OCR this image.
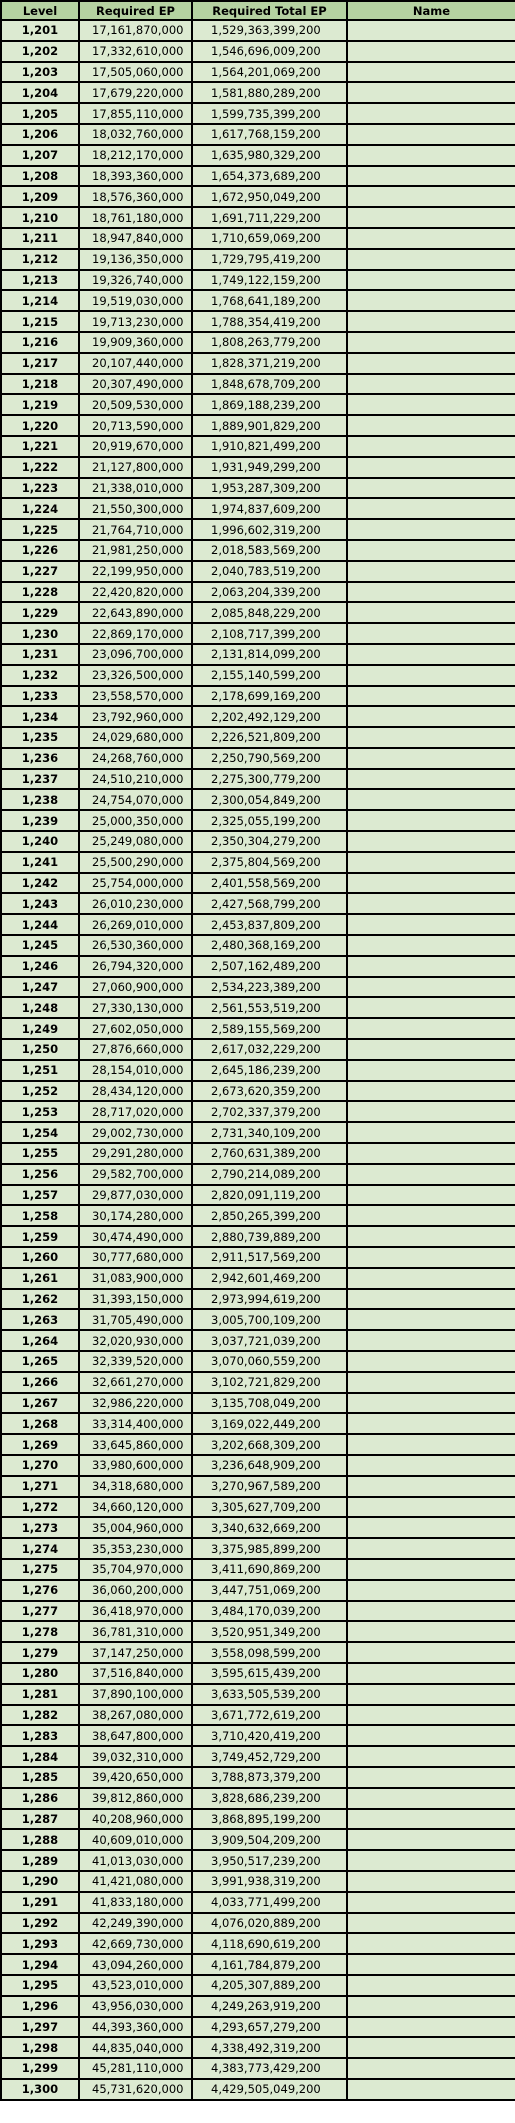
Level	Required EP	Required Total EP	Name
1,201	17,161,870,000	1,529,363,399,200	
1,202	17,332,610,000	1,546,696,009,200	
1,203	17,505,060,000	1,564,201,069,200	
1,204	17,679,220,000	1,581,880,289,200	
1,205	17,855,110,000	1,599,735,399,200	
1,206	18,032,760,000	1,617,768,159,200	
1,207	18,212,170,000	1,635,980,329,200	
1,208	18,393,360,000	1,654,373,689,200	
1,209	18,576,360,000	1,672,950,049,200	
1,210	18,761,180,000	1,691,711,229,200	
1,211	18,947,840,000	1,710,659,069,200	
1,212	19,136,350,000	1,729,795,419,200	
1,213	19,326,740,000	1,749,122,159,200	
1,214	19,519,030,000	1,768,641,189,200	
1,215	19,713,230,000	1,788,354,419,200	
1,216	19,909,360,000	1,808,263,779,200	
1,217	20,107,440,000	1,828,371,219,200	
1,218	20,307,490,000	1,848,678,709,200	
1,219	20,509,530,000	1,869,188,239,200	
1,220	20,713,590,000	1,889,901,829,200	
1,221	20,919,670,000	1,910,821,499,200	
1,222	21,127,800,000	1,931,949,299,200	
1,223	21,338,010,000	1,953,287,309,200	
1,224	21,550,300,000	1,974,837,609,200	
1,225	21,764,710,000	1,996,602,319,200	
1,226	21,981,250,000	2,018,583,569,200	
1,227	22,199,950,000	2,040,783,519,200	
1,228	22,420,820,000	2,063,204,339,200	
1,229	22,643,890,000	2,085,848,229,200	
1,230	22,869,170,000	2,108,717,399,200	
1,231	23,096,700,000	2,131,814,099,200	
1,232	23,326,500,000	2,155,140,599,200	
1,233	23,558,570,000	2,178,699,169,200	
1,234	23,792,960,000	2,202,492,129,200	
1,235	24,029,680,000	2,226,521,809,200	
1,236	24,268,760,000	2,250,790,569,200	
1,237	24,510,210,000	2,275,300,779,200	
1,238	24,754,070,000	2,300,054,849,200	
1,239	25,000,350,000	2,325,055,199,200	
1,240	25,249,080,000	2,350,304,279,200	
1,241	25,500,290,000	2,375,804,569,200	
1,242	25,754,000,000	2,401,558,569,200	
1,243	26,010,230,000	2,427,568,799,200	
1,244	26,269,010,000	2,453,837,809,200	
1,245	26,530,360,000	2,480,368,169,200	
1,246	26,794,320,000	2,507,162,489,200	
1,247	27,060,900,000	2,534,223,389,200	
1,248	27,330,130,000	2,561,553,519,200	
1,249	27,602,050,000	2,589,155,569,200	
1,250	27,876,660,000	2,617,032,229,200	
1,251	28,154,010,000	2,645,186,239,200	
1,252	28,434,120,000	2,673,620,359,200	
1,253	28,717,020,000	2,702,337,379,200	
1,254	29,002,730,000	2,731,340,109,200	
1,255	29,291,280,000	2,760,631,389,200	
1,256	29,582,700,000	2,790,214,089,200	
1,257	29,877,030,000	2,820,091,119,200	
1,258	30,174,280,000	2,850,265,399,200	
1,259	30,474,490,000	2,880,739,889,200	
1,260	30,777,680,000	2,911,517,569,200	
1,261	31,083,900,000	2,942,601,469,200	
1,262	31,393,150,000	2,973,994,619,200	
1,263	31,705,490,000	3,005,700,109,200	
1,264	32,020,930,000	3,037,721,039,200	
1,265	32,339,520,000	3,070,060,559,200	
1,266	32,661,270,000	3,102,721,829,200	
1,267	32,986,220,000	3,135,708,049,200	
1,268	33,314,400,000	3,169,022,449,200	
1,269	33,645,860,000	3,202,668,309,200	
1,270	33,980,600,000	3,236,648,909,200	
1,271	34,318,680,000	3,270,967,589,200	
1,272	34,660,120,000	3,305,627,709,200	
1,273	35,004,960,000	3,340,632,669,200	
1,274	35,353,230,000	3,375,985,899,200	
1,275	35,704,970,000	3,411,690,869,200	
1,276	36,060,200,000	3,447,751,069,200	
1,277	36,418,970,000	3,484,170,039,200	
1,278	36,781,310,000	3,520,951,349,200	
1,279	37,147,250,000	3,558,098,599,200	
1,280	37,516,840,000	3,595,615,439,200	
1,281	37,890,100,000	3,633,505,539,200	
1,282	38,267,080,000	3,671,772,619,200	
1,283	38,647,800,000	3,710,420,419,200	
1,284	39,032,310,000	3,749,452,729,200	
1,285	39,420,650,000	3,788,873,379,200	
1,286	39,812,860,000	3,828,686,239,200	
1,287	40,208,960,000	3,868,895,199,200	
1,288	40,609,010,000	3,909,504,209,200	
1,289	41,013,030,000	3,950,517,239,200	
1,290	41,421,080,000	3,991,938,319,200	
1,291	41,833,180,000	4,033,771,499,200	
1,292	42,249,390,000	4,076,020,889,200	
1,293	42,669,730,000	4,118,690,619,200	
1,294	43,094,260,000	4,161,784,879,200	
1,295	43,523,010,000	4,205,307,889,200	
1,296	43,956,030,000	4,249,263,919,200	
1,297	44,393,360,000	4,293,657,279,200	
1,298	44,835,040,000	4,338,492,319,200	
1,299	45,281,110,000	4,383,773,429,200	
1,300	45,731,620,000	4,429,505,049,200	
